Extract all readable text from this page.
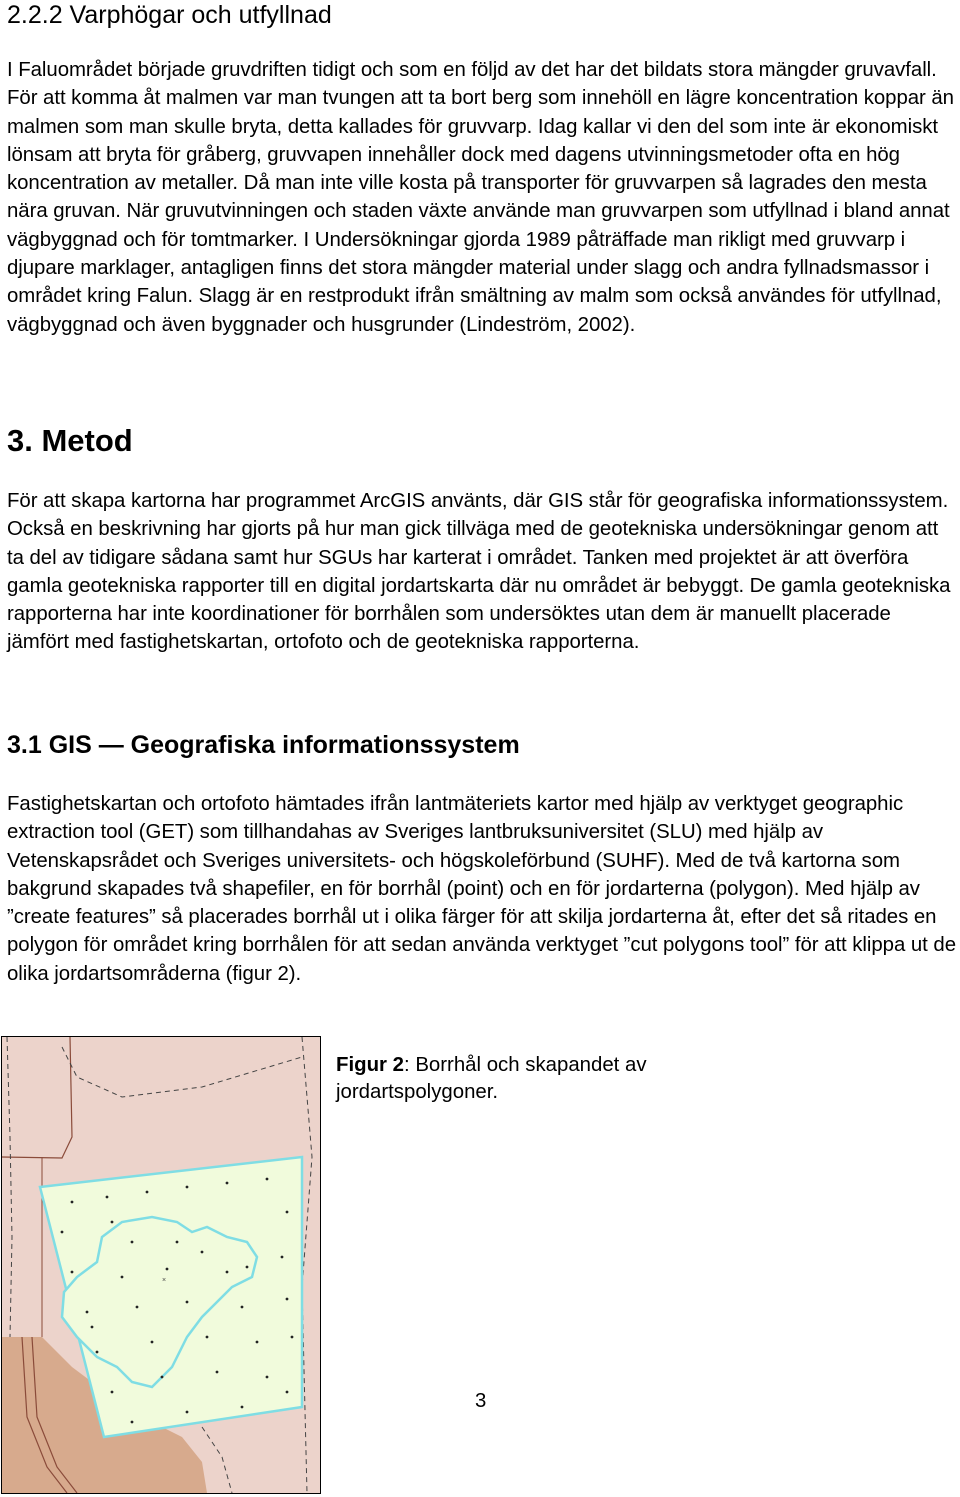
2.2.2 Varphögar och utfyllnad

I Faluområdet började gruvdriften tidigt och som en följd av det har det bildats stora mängder gruvavfall. För att komma åt malmen var man tvungen att ta bort berg som innehöll en lägre koncentration koppar än malmen som man skulle bryta, detta kallades för gruvvarp. Idag kallar vi den del som inte är ekonomiskt lönsam att bryta för gråberg, gruvvapen innehåller dock med dagens utvinningsmetoder ofta en hög koncentration av metaller. Då man inte ville kosta på transporter för gruvvarpen så lagrades den mesta nära gruvan. När gruvutvinningen och staden växte använde man gruvvarpen som utfyllnad i bland annat vägbyggnad och för tomtmarker. I Undersökningar gjorda 1989 påträffade man rikligt med gruvvarp i djupare marklager, antagligen finns det stora mängder material under slagg och andra fyllnadsmassor i området kring Falun. Slagg är en restprodukt ifrån smältning av malm som också användes för utfyllnad, vägbyggnad och även byggnader och husgrunder (Lindeström, 2002).

3. Metod

För att skapa kartorna har programmet ArcGIS använts, där GIS står för geografiska informationssystem. Också en beskrivning har gjorts på hur man gick tillväga med de geotekniska undersökningar genom att ta del av tidigare sådana samt hur SGUs har karterat i området. Tanken med projektet är att överföra gamla geotekniska rapporter till en digital jordartskarta där nu området är bebyggt. De gamla geotekniska rapporterna har inte koordinationer för borrhålen som undersöktes utan dem är manuellt placerade jämfört med fastighetskartan, ortofoto och de geotekniska rapporterna.

3.1 GIS — Geografiska informationssystem

Fastighetskartan och ortofoto hämtades ifrån lantmäteriets kartor med hjälp av verktyget geographic extraction tool (GET) som tillhandahas av Sveriges lantbruksuniversitet (SLU) med hjälp av Vetenskapsrådet och Sveriges universitets- och högskoleförbund (SUHF). Med de två kartorna som bakgrund skapades två shapefiler, en för borrhål (point) och en för jordarterna (polygon). Med hjälp av ”create features” så placerades borrhål ut i olika färger för att skilja jordarterna åt, efter det så ritades en polygon för området kring borrhålen för att sedan använda verktyget ”cut polygons tool” för att klippa ut de olika jordartsområderna (figur 2).

×
Figur 2: Borrhål och skapandet av jordartspolygoner.
3
